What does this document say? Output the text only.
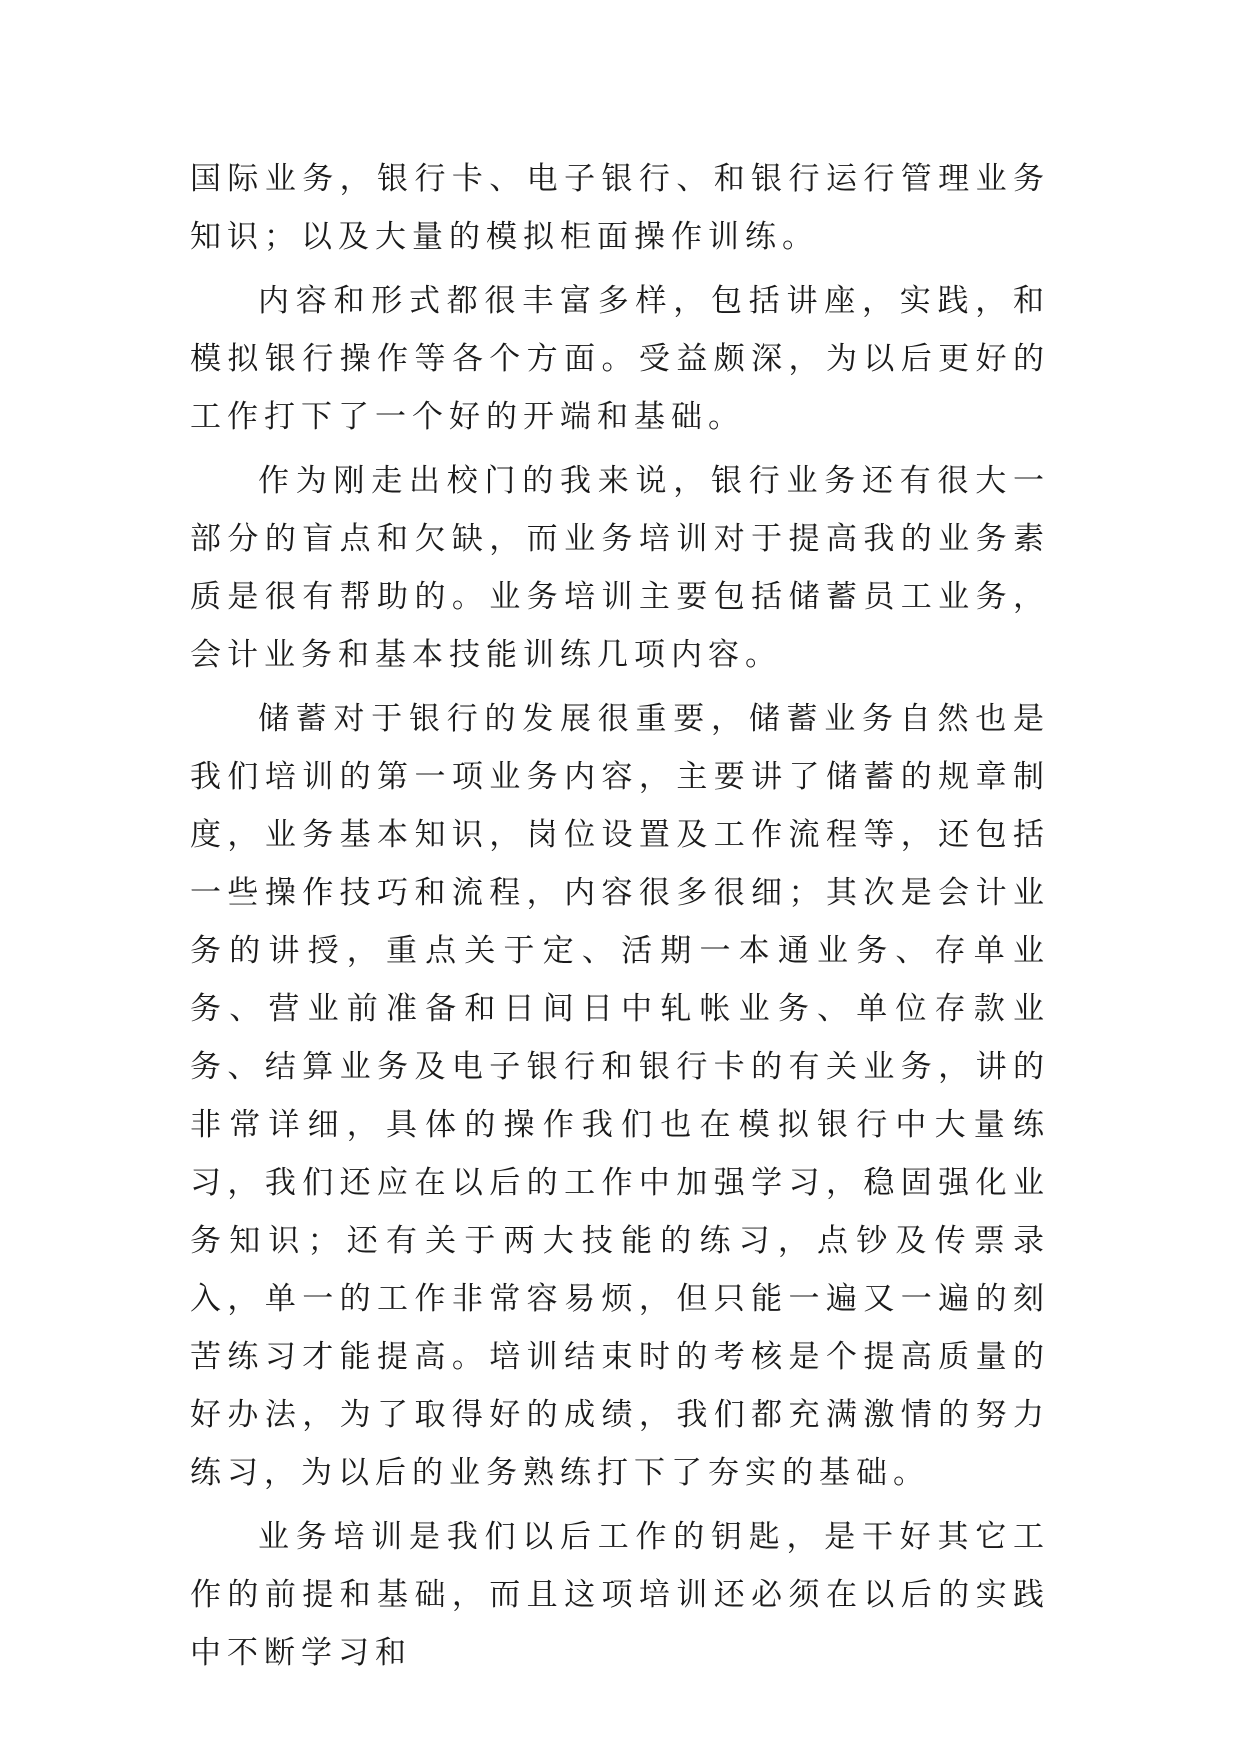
国际业务，银行卡、电子银行、和银行运行管理业务知识；以及大量的模拟柜面操作训练。

内容和形式都很丰富多样，包括讲座，实践，和模拟银行操作等各个方面。受益颇深，为以后更好的工作打下了一个好的开端和基础。

作为刚走出校门的我来说，银行业务还有很大一部分的盲点和欠缺，而业务培训对于提高我的业务素质是很有帮助的。业务培训主要包括储蓄员工业务，会计业务和基本技能训练几项内容。

储蓄对于银行的发展很重要，储蓄业务自然也是我们培训的第一项业务内容，主要讲了储蓄的规章制度，业务基本知识，岗位设置及工作流程等，还包括一些操作技巧和流程，内容很多很细；其次是会计业务的讲授，重点关于定、活期一本通业务、存单业务、营业前准备和日间日中轧帐业务、单位存款业务、结算业务及电子银行和银行卡的有关业务，讲的非常详细，具体的操作我们也在模拟银行中大量练习，我们还应在以后的工作中加强学习，稳固强化业务知识；还有关于两大技能的练习，点钞及传票录入，单一的工作非常容易烦，但只能一遍又一遍的刻苦练习才能提高。培训结束时的考核是个提高质量的好办法，为了取得好的成绩，我们都充满激情的努力练习，为以后的业务熟练打下了夯实的基础。

业务培训是我们以后工作的钥匙，是干好其它工作的前提和基础，而且这项培训还必须在以后的实践中不断学习和
